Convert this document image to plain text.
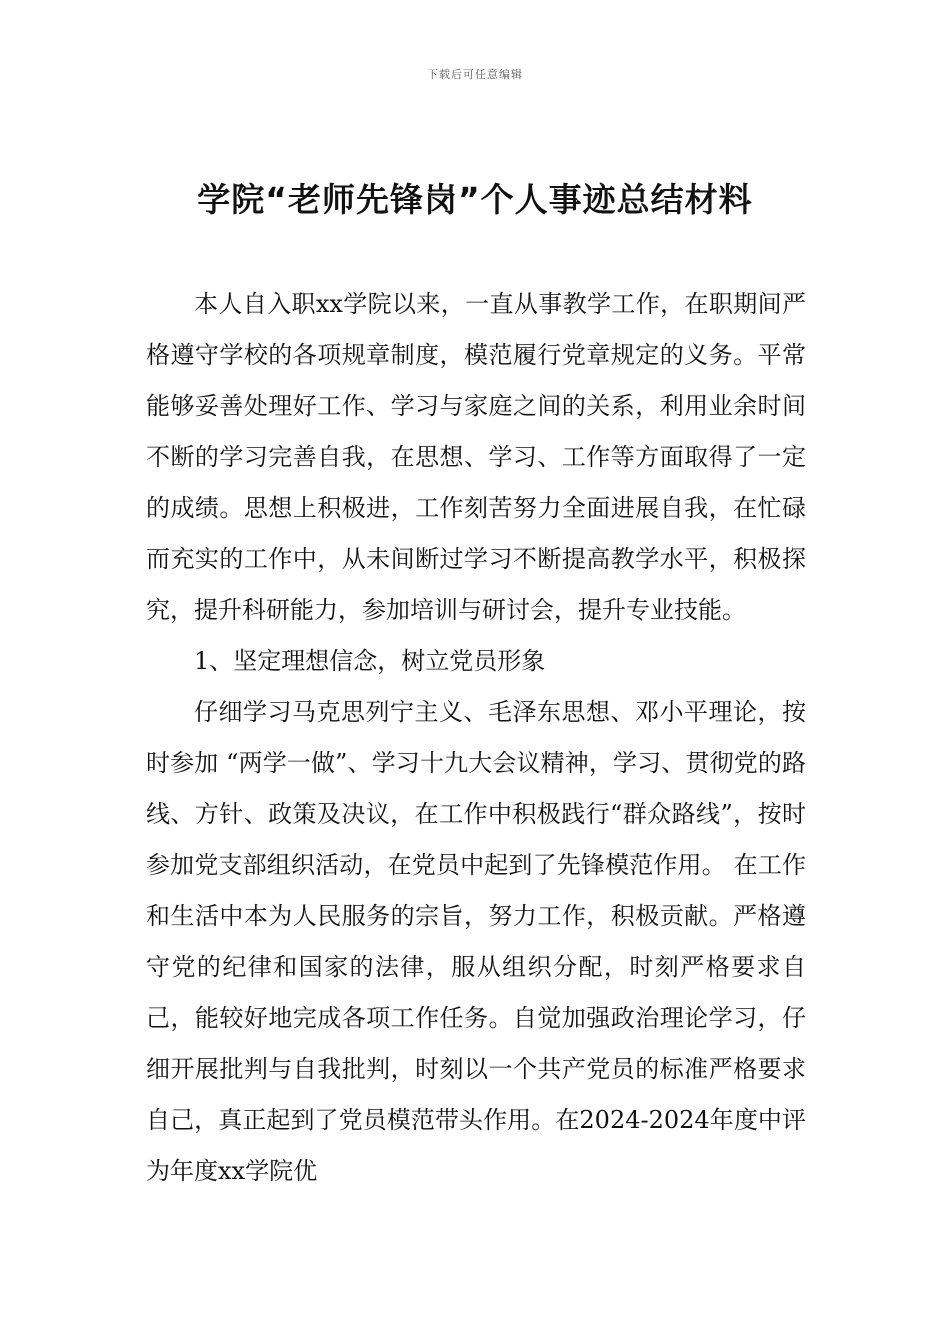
下载后可任意编辑
学院“老师先锋岗”个人事迹总结材料

本人自入职xx学院以来，一直从事教学工作，在职期间严格遵守学校的各项规章制度，模范履行党章规定的义务。平常能够妥善处理好工作、学习与家庭之间的关系，利用业余时间不断的学习完善自我，在思想、学习、工作等方面取得了一定的成绩。思想上积极进，工作刻苦努力全面进展自我，在忙碌而充实的工作中，从未间断过学习不断提高教学水平，积极探究，提升科研能力，参加培训与研讨会，提升专业技能。

1、坚定理想信念，树立党员形象

仔细学习马克思列宁主义、毛泽东思想、邓小平理论，按时参加 “两学一做”、学习十九大会议精神，学习、贯彻党的路线、方针、政策及决议，在工作中积极践行“群众路线”，按时参加党支部组织活动，在党员中起到了先锋模范作用。 在工作和生活中本为人民服务的宗旨，努力工作，积极贡献。严格遵守党的纪律和国家的法律，服从组织分配，时刻严格要求自己，能较好地完成各项工作任务。自觉加强政治理论学习，仔细开展批判与自我批判，时刻以一个共产党员的标准严格要求自己，真正起到了党员模范带头作用。在2024-2024年度中评为年度xx学院优
